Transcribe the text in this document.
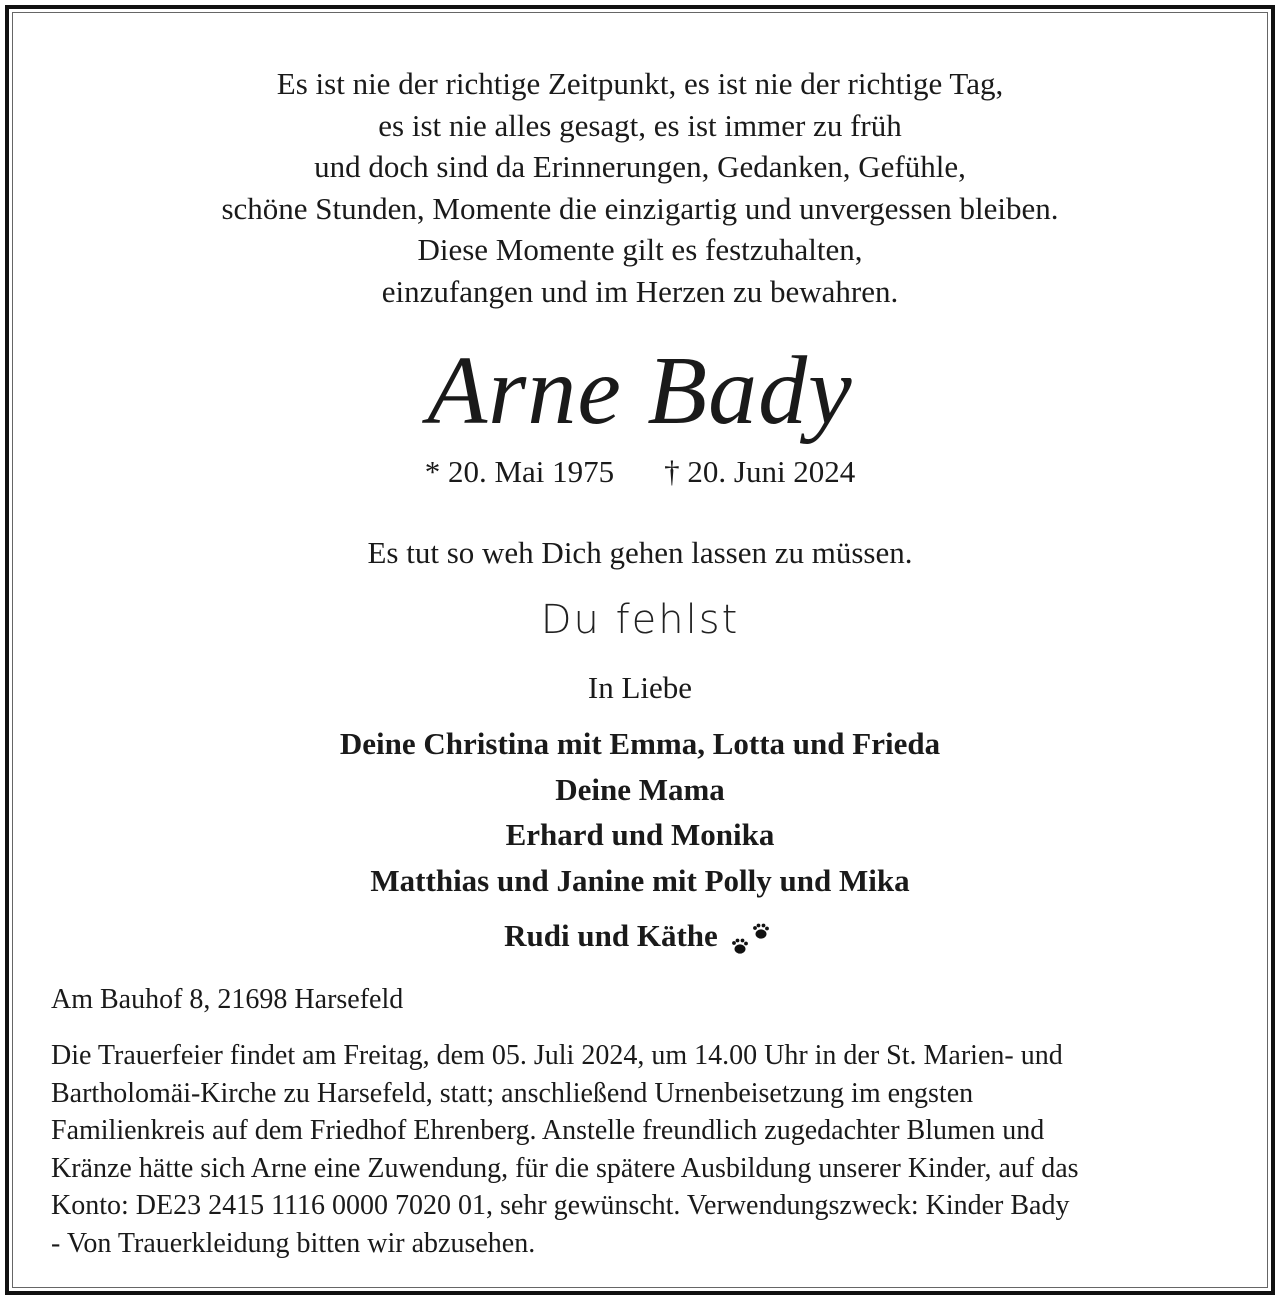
Es ist nie der richtige Zeitpunkt, es ist nie der richtige Tag,
es ist nie alles gesagt, es ist immer zu früh
und doch sind da Erinnerungen, Gedanken, Gefühle,
schöne Stunden, Momente die einzigartig und unvergessen bleiben.
Diese Momente gilt es festzuhalten,
einzufangen und im Herzen zu bewahren.
Arne Bady
* 20. Mai 1975 † 20. Juni 2024
Es tut so weh Dich gehen lassen zu müssen.
Du fehlst
In Liebe
Deine Christina mit Emma, Lotta und Frieda
Deine Mama
Erhard und Monika
Matthias und Janine mit Polly und Mika
Rudi und Käthe
Am Bauhof 8, 21698 Harsefeld
Die Trauerfeier findet am Freitag, dem 05. Juli 2024, um 14.00 Uhr in der St. Marien- und
Bartholomäi-Kirche zu Harsefeld, statt; anschließend Urnenbeisetzung im engsten
Familienkreis auf dem Friedhof Ehrenberg. Anstelle freundlich zugedachter Blumen und
Kränze hätte sich Arne eine Zuwendung, für die spätere Ausbildung unserer Kinder, auf das
Konto: DE23 2415 1116 0000 7020 01, sehr gewünscht. Verwendungszweck: Kinder Bady
- Von Trauerkleidung bitten wir abzusehen.
